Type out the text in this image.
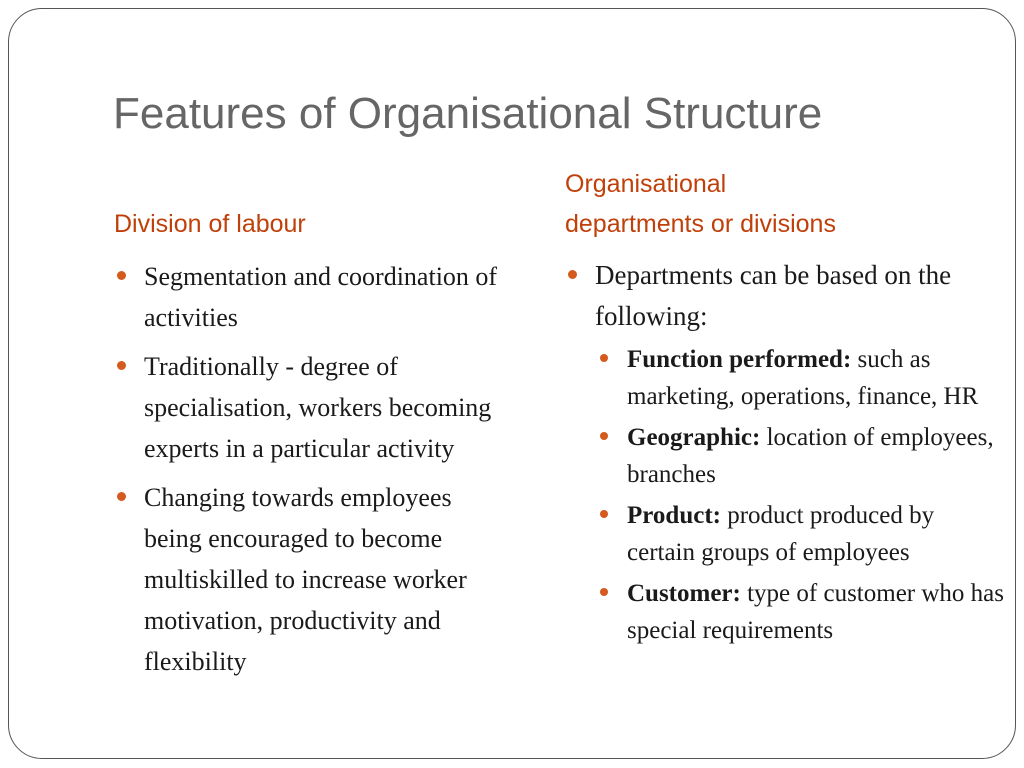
Features of Organisational Structure
Division of labour
Organisational
departments or divisions
Segmentation and coordination of activities
Traditionally - degree of specialisation, workers becoming experts in a particular activity
Changing towards employees being encouraged to become multiskilled to increase worker motivation, productivity and flexibility
Departments can be based on the following:
Function performed: such as marketing, operations, finance, HR
Geographic: location of employees, branches
Product: product produced by certain groups of employees
Customer: type of customer who has special requirements
